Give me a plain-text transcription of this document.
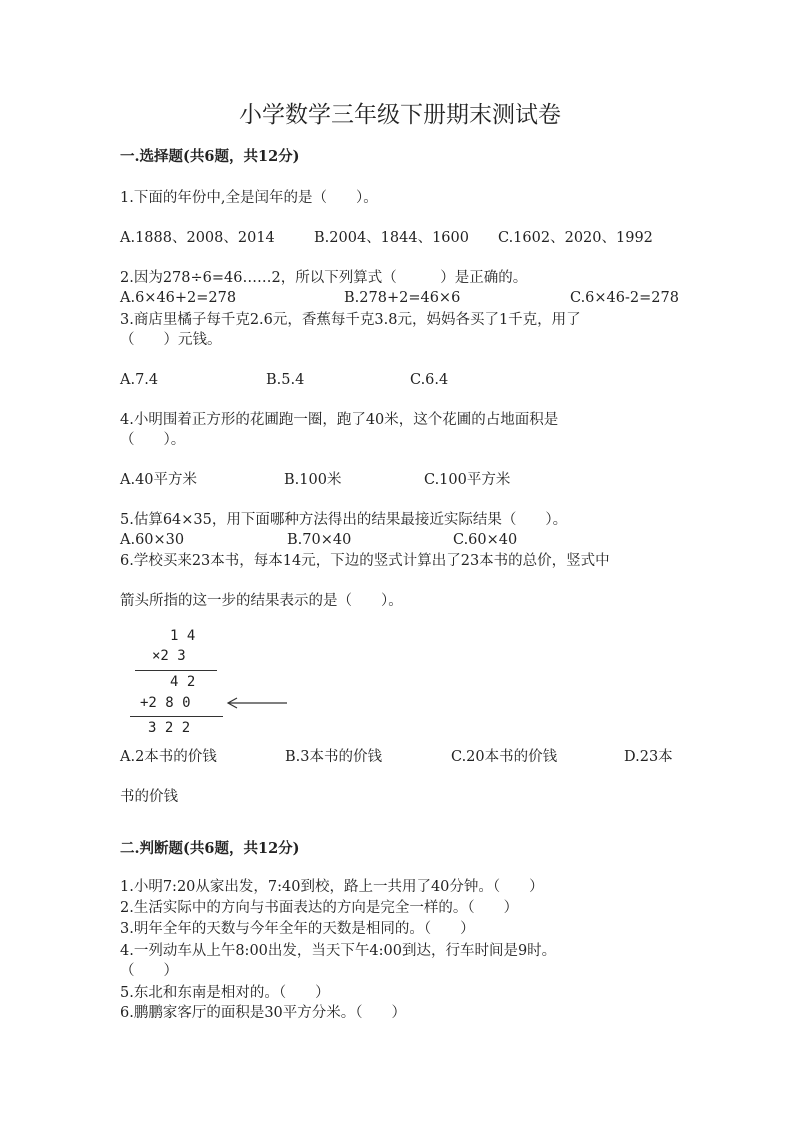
小学数学三年级下册期末测试卷
一.选择题(共6题，共12分)
1.下面的年份中,全是闰年的是（　　）。
A.1888、2008、2014	B.2004、1844、1600 C.1602、2020、1992
2.因为278÷6=46……2，所以下列算式（　　　）是正确的。
A.6×46+2=278	B.278+2=46×6	C.6×46-2=278
3.商店里橘子每千克2.6元，香蕉每千克3.8元，妈妈各买了1千克，用了
（　　）元钱。
A.7.4	B.5.4	C.6.4
4.小明围着正方形的花圃跑一圈，跑了40米，这个花圃的占地面积是
（　　）。
A.40平方米	B.100米	C.100平方米
5.估算64×35，用下面哪种方法得出的结果最接近实际结果（　　）。
A.60×30	B.70×40	C.60×40
6.学校买来23本书，每本14元，下边的竖式计算出了23本书的总价，竖式中
箭头所指的这一步的结果表示的是（　　）。
1 4
×2 3
4 2
+2 8 0
3 2 2
A.2本书的价钱	B.3本书的价钱	C.20本书的价钱	D.23本
书的价钱
二.判断题(共6题，共12分)
1.小明7:20从家出发，7:40到校，路上一共用了40分钟。（　　）
2.生活实际中的方向与书面表达的方向是完全一样的。（　　）
3.明年全年的天数与今年全年的天数是相同的。（　　）
4.一列动车从上午8:00出发，当天下午4:00到达，行车时间是9时。
（　　）
5.东北和东南是相对的。（　　）
6.鹏鹏家客厅的面积是30平方分米。（　　）
